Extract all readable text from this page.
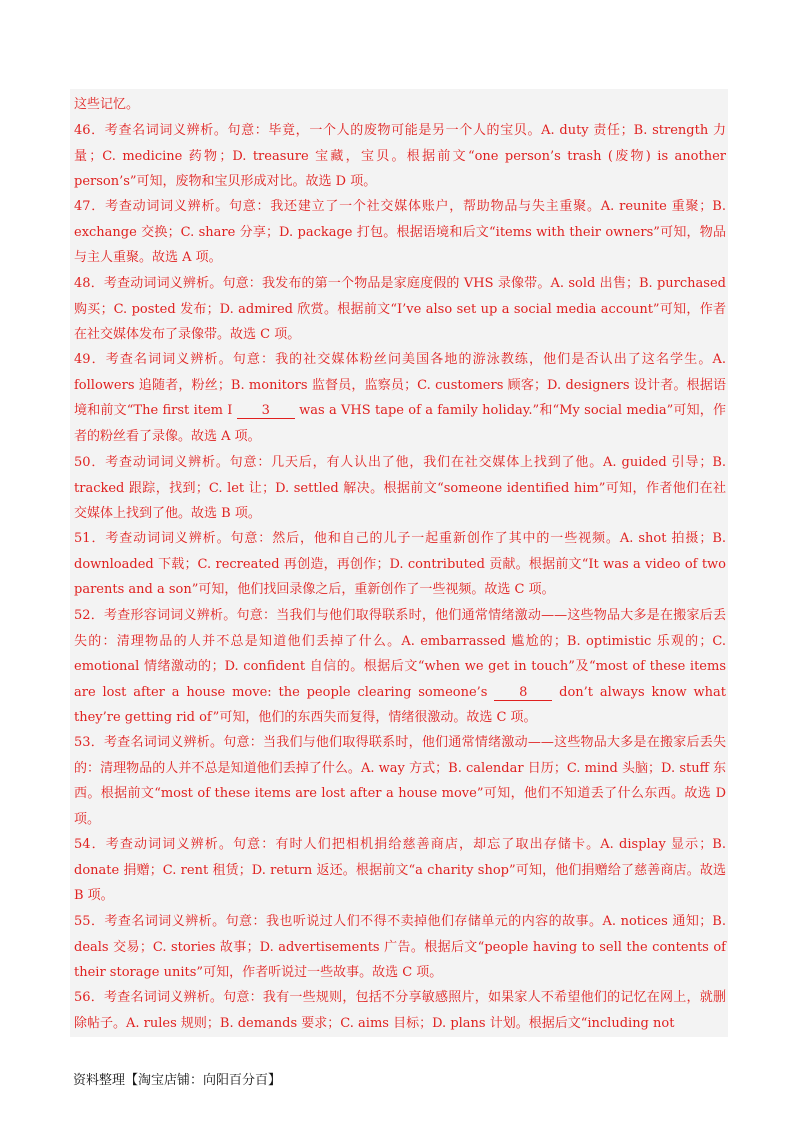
这些记忆。

46．考查名词词义辨析。句意：毕竟，一个人的废物可能是另一个人的宝贝。A. duty 责任；B. strength 力量；C. medicine 药物；D. treasure 宝藏，宝贝。根据前文“one person’s trash (废物) is another person’s”可知，废物和宝贝形成对比。故选 D 项。

47．考查动词词义辨析。句意：我还建立了一个社交媒体账户，帮助物品与失主重聚。A. reunite 重聚；B. exchange 交换；C. share 分享；D. package 打包。根据语境和后文“items with their owners”可知，物品与主人重聚。故选 A 项。

48．考查动词词义辨析。句意：我发布的第一个物品是家庭度假的 VHS 录像带。A. sold 出售；B. purchased 购买；C. posted 发布；D. admired 欣赏。根据前文“I’ve also set up a social media account”可知，作者在社交媒体发布了录像带。故选 C 项。

49．考查名词词义辨析。句意：我的社交媒体粉丝问美国各地的游泳教练，他们是否认出了这名学生。A. followers 追随者，粉丝；B. monitors 监督员，监察员；C. customers 顾客；D. designers 设计者。根据语境和前文“The first item I 3 was a VHS tape of a family holiday.”和“My social media”可知，作者的粉丝看了录像。故选 A 项。

50．考查动词词义辨析。句意：几天后，有人认出了他，我们在社交媒体上找到了他。A. guided 引导；B. tracked 跟踪，找到；C. let 让；D. settled 解决。根据前文“someone identified him”可知，作者他们在社交媒体上找到了他。故选 B 项。

51．考查动词词义辨析。句意：然后，他和自己的儿子一起重新创作了其中的一些视频。A. shot 拍摄；B. downloaded 下载；C. recreated 再创造，再创作；D. contributed 贡献。根据前文“It was a video of two parents and a son”可知，他们找回录像之后，重新创作了一些视频。故选 C 项。

52．考查形容词词义辨析。句意：当我们与他们取得联系时，他们通常情绪激动——这些物品大多是在搬家后丢失的：清理物品的人并不总是知道他们丢掉了什么。A. embarrassed 尴尬的；B. optimistic 乐观的；C. emotional 情绪激动的；D. confident 自信的。根据后文“when we get in touch”及“most of these items are lost after a house move: the people clearing someone’s 8 don’t always know what they’re getting rid of”可知，他们的东西失而复得，情绪很激动。故选 C 项。

53．考查名词词义辨析。句意：当我们与他们取得联系时，他们通常情绪激动——这些物品大多是在搬家后丢失的：清理物品的人并不总是知道他们丢掉了什么。A. way 方式；B. calendar 日历；C. mind 头脑；D. stuff 东西。根据前文“most of these items are lost after a house move”可知，他们不知道丢了什么东西。故选 D 项。

54．考查动词词义辨析。句意：有时人们把相机捐给慈善商店，却忘了取出存储卡。A. display 显示；B. donate 捐赠；C. rent 租赁；D. return 返还。根据前文“a charity shop”可知，他们捐赠给了慈善商店。故选 B 项。

55．考查名词词义辨析。句意：我也听说过人们不得不卖掉他们存储单元的内容的故事。A. notices 通知；B. deals 交易；C. stories 故事；D. advertisements 广告。根据后文“people having to sell the contents of their storage units”可知，作者听说过一些故事。故选 C 项。

56．考查名词词义辨析。句意：我有一些规则，包括不分享敏感照片，如果家人不希望他们的记忆在网上，就删除帖子。A. rules 规则；B. demands 要求；C. aims 目标；D. plans 计划。根据后文“including not

资料整理【淘宝店铺：向阳百分百】
